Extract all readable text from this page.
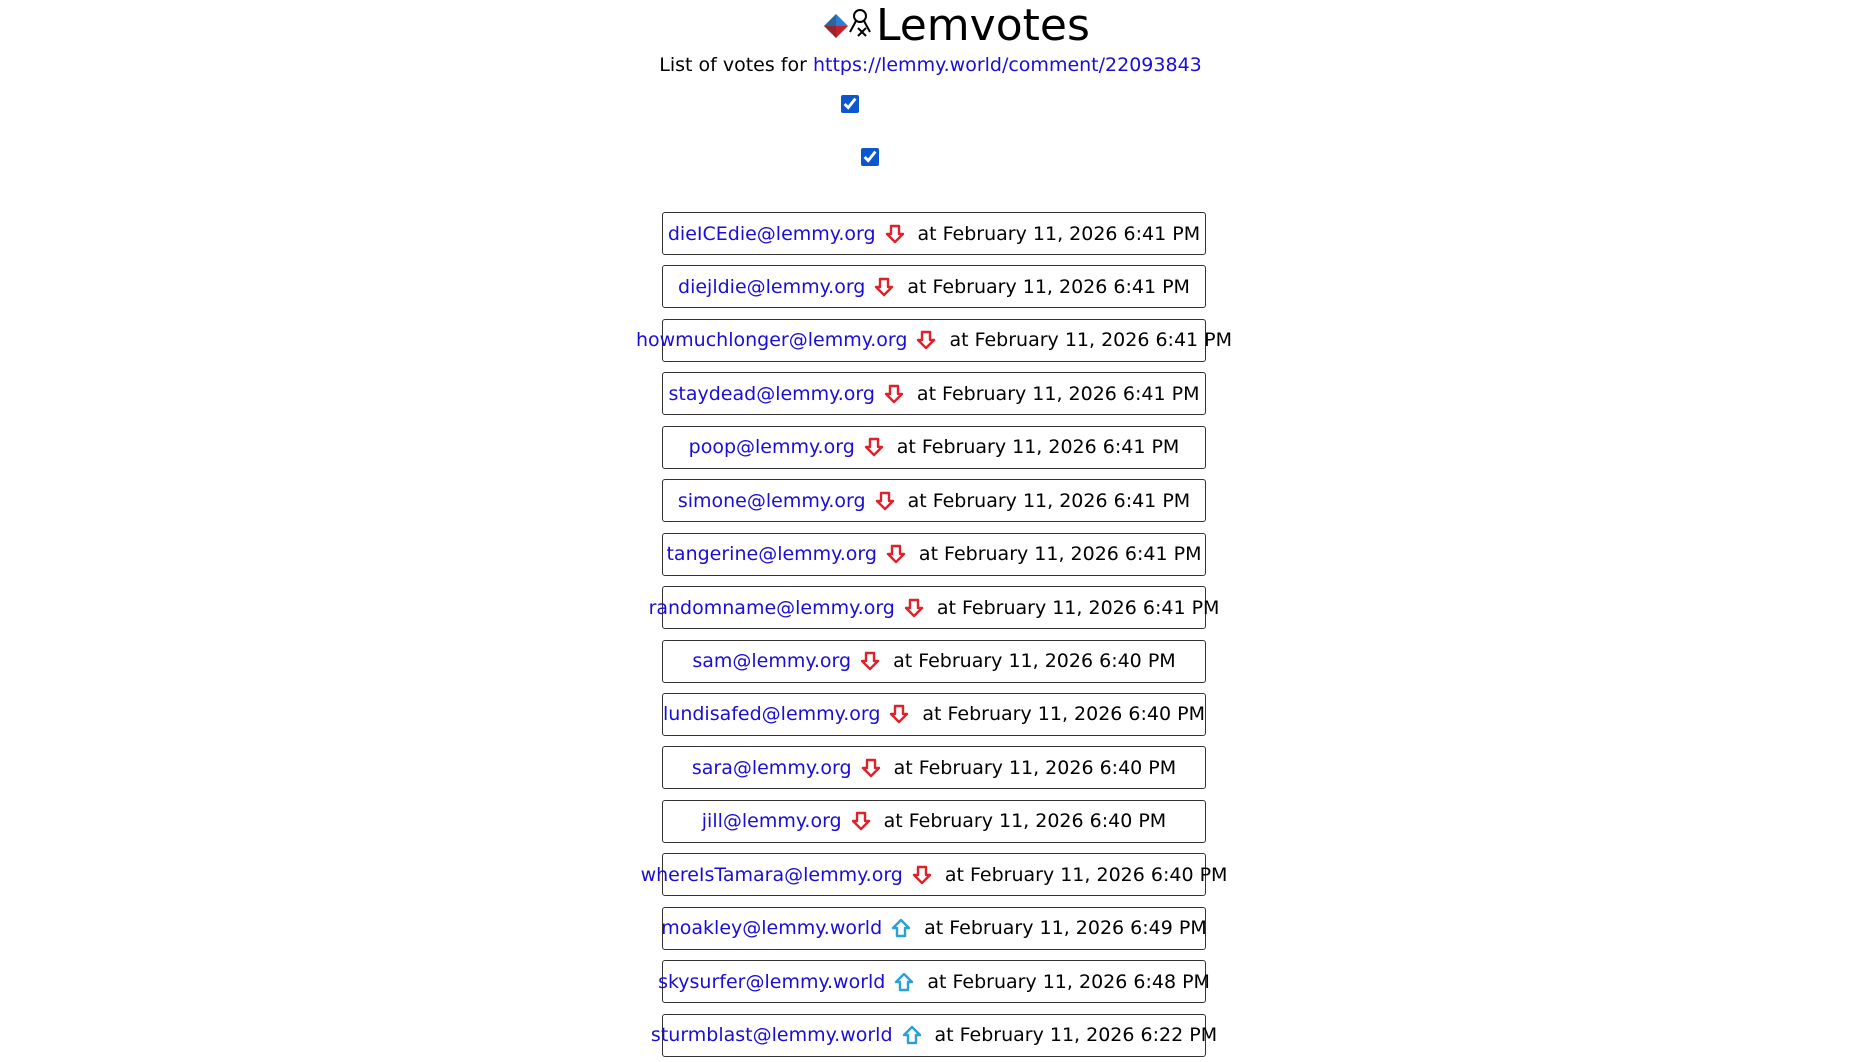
Lemvotes
List of votes for https://lemmy.world/comment/22093843
dieICEdie@lemmy.org at February 11, 2026 6:41 PM
diejldie@lemmy.org at February 11, 2026 6:41 PM
howmuchlonger@lemmy.org at February 11, 2026 6:41 PM
staydead@lemmy.org at February 11, 2026 6:41 PM
poop@lemmy.org at February 11, 2026 6:41 PM
simone@lemmy.org at February 11, 2026 6:41 PM
tangerine@lemmy.org at February 11, 2026 6:41 PM
randomname@lemmy.org at February 11, 2026 6:41 PM
sam@lemmy.org at February 11, 2026 6:40 PM
lundisafed@lemmy.org at February 11, 2026 6:40 PM
sara@lemmy.org at February 11, 2026 6:40 PM
jill@lemmy.org at February 11, 2026 6:40 PM
whereIsTamara@lemmy.org at February 11, 2026 6:40 PM
moakley@lemmy.world at February 11, 2026 6:49 PM
skysurfer@lemmy.world at February 11, 2026 6:48 PM
sturmblast@lemmy.world at February 11, 2026 6:22 PM
